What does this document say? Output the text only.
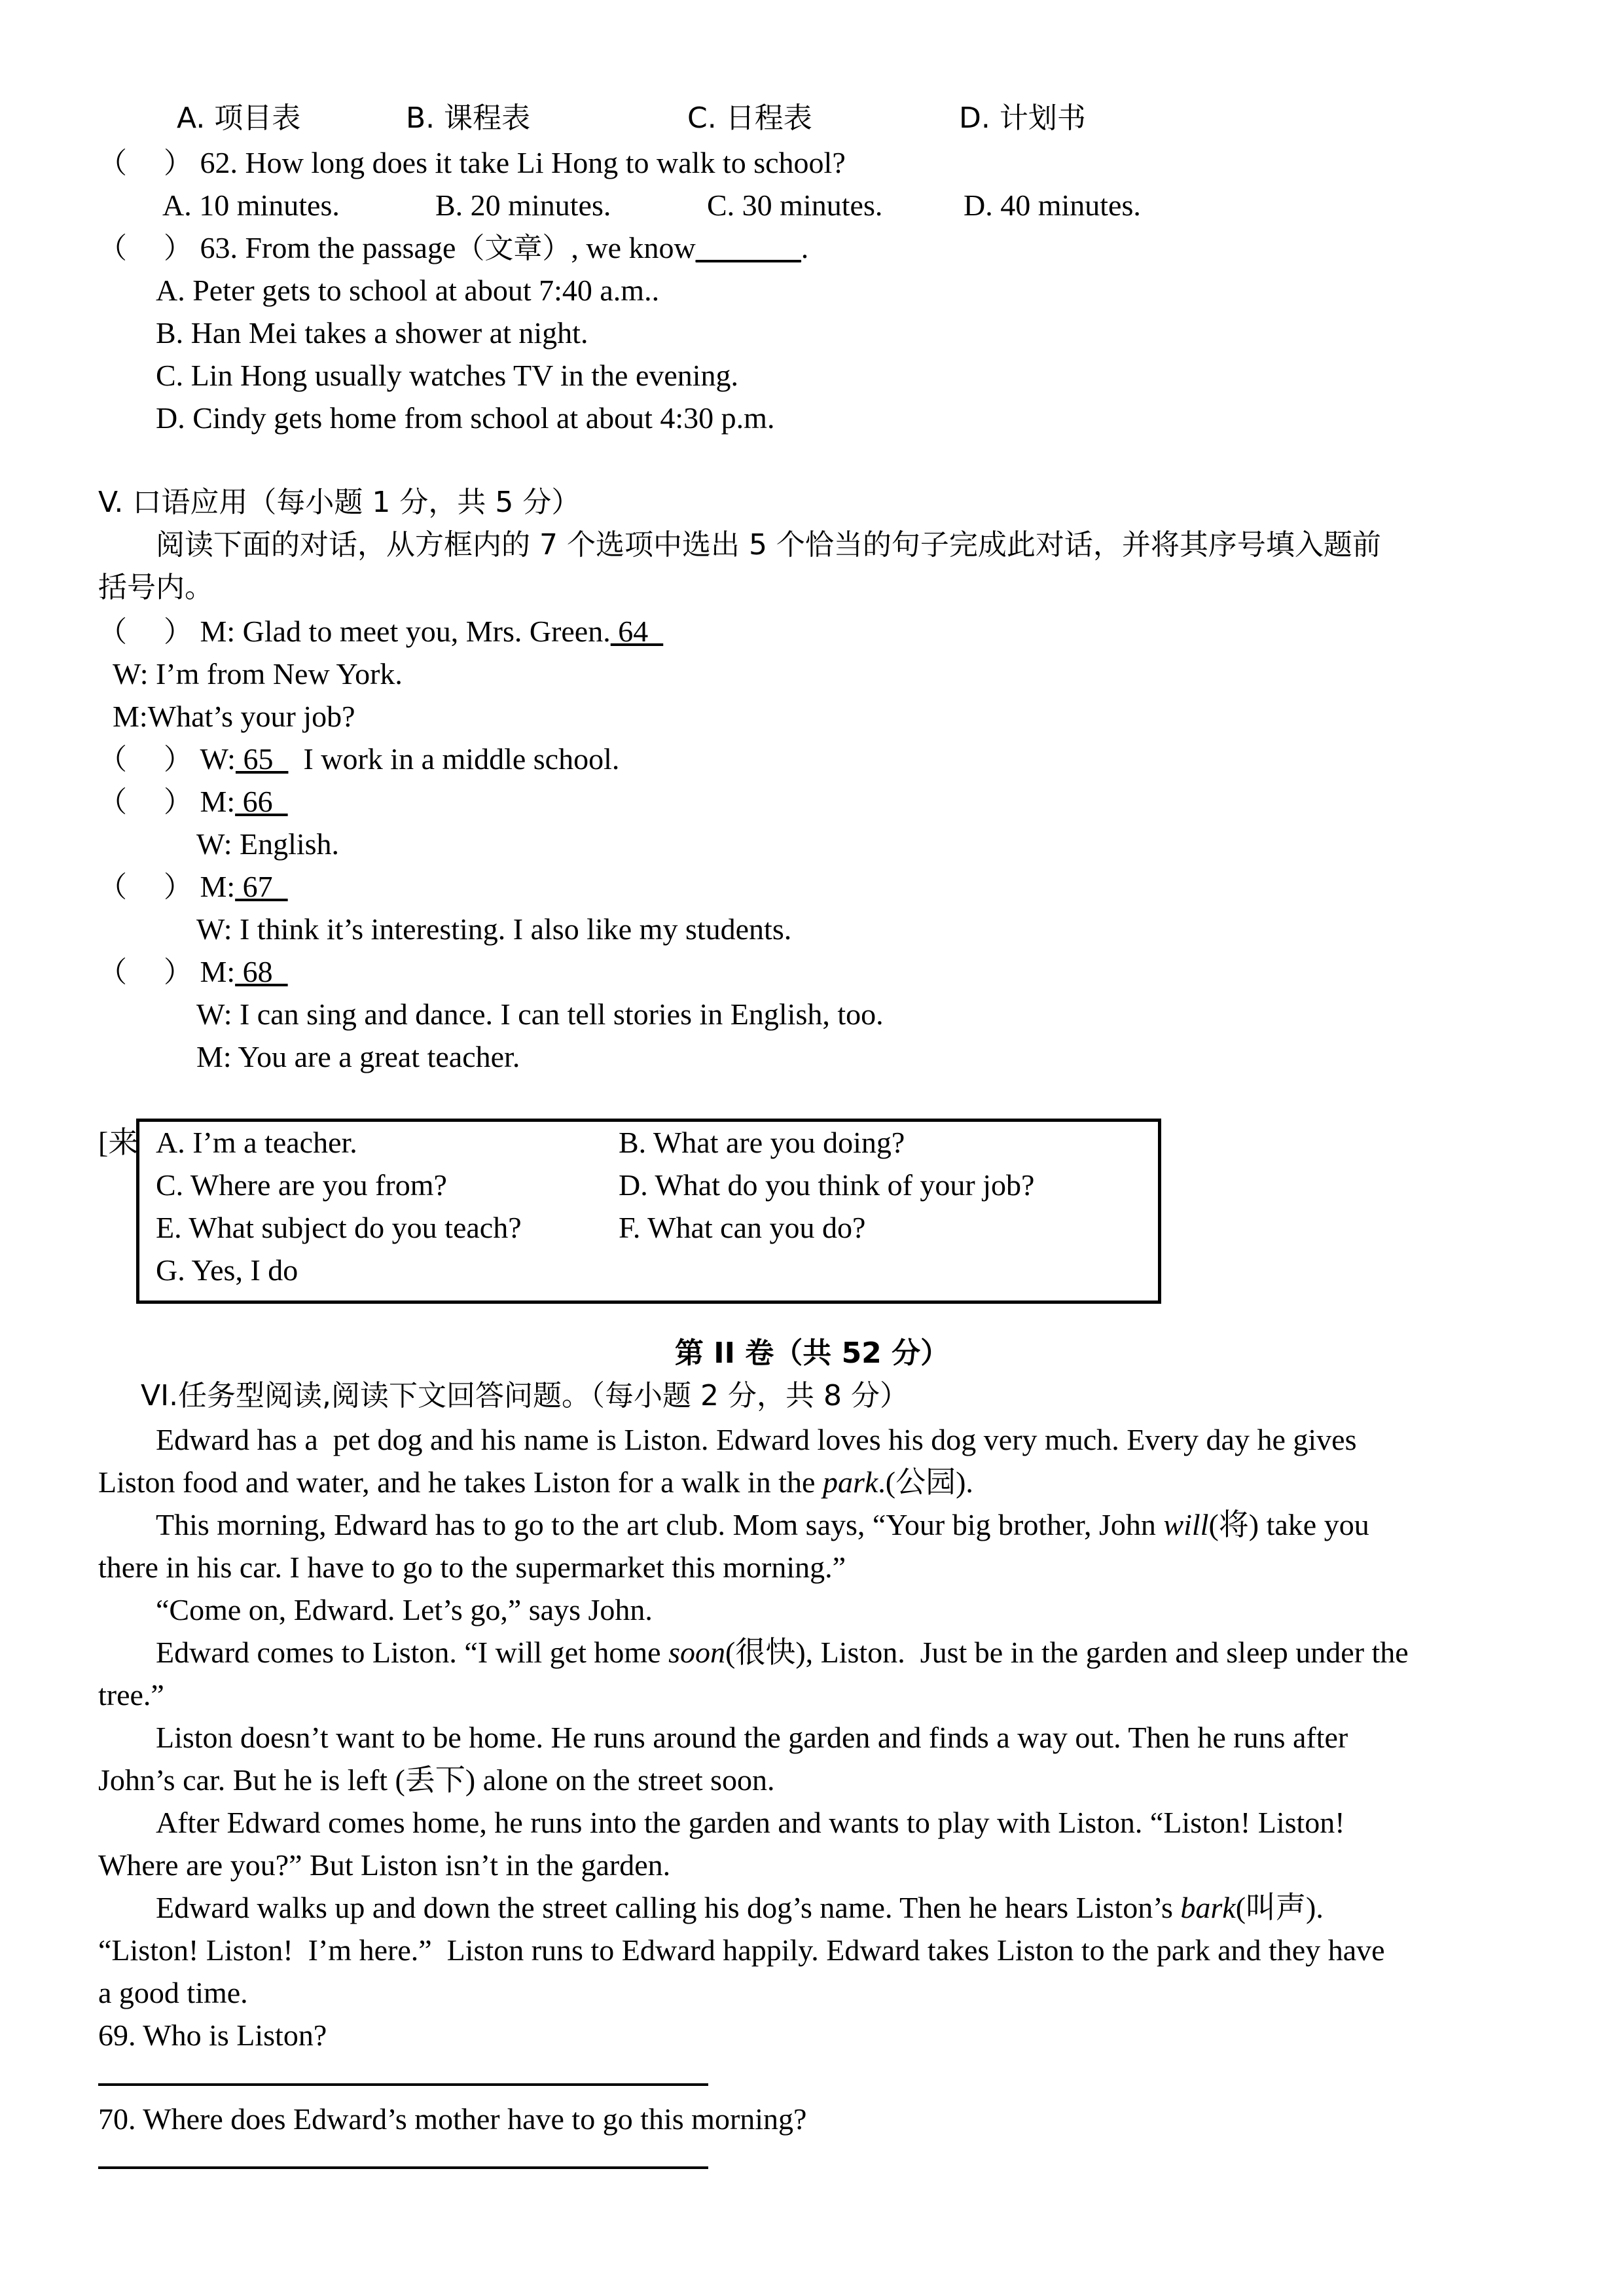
A. 项目表	B. 课程表	C. 日程表	D. 计划书
（    ） 62. How long does it take Li Hong to walk to school?
A. 10 minutes.	B. 20 minutes.	C. 30 minutes.	D. 40 minutes.
（    ） 63. From the passage（文章）, we know_______.
A. Peter gets to school at about 7:40 a.m..
B. Han Mei takes a shower at night.
C. Lin Hong usually watches TV in the evening.
D. Cindy gets home from school at about 4:30 p.m.
V. 口语应用（每小题 1 分，共 5 分）
阅读下面的对话，从方框内的 7 个选项中选出 5 个恰当的句子完成此对话，并将其序号填入题前
括号内。
（    ） M: Glad to meet you, Mrs. Green. 64
W: I’m from New York.
M:What’s your job?
（    ） W: 65    I work in a middle school.
（    ） M: 66
W: English.
（    ） M: 67
W: I think it’s interesting. I also like my students.
（    ） M: 68
W: I can sing and dance. I can tell stories in English, too.
M: You are a great teacher.
[来 A. I’m a teacher.	B. What are you doing?
C. Where are you from?	D. What do you think of your job?
E. What subject do you teach?	F. What can you do?
G. Yes, I do
第 II 卷（共 52 分）
VI.任务型阅读,阅读下文回答问题。（每小题 2 分，共 8 分）
Edward has a  pet dog and his name is Liston. Edward loves his dog very much. Every day he gives
Liston food and water, and he takes Liston for a walk in the park.(公园).
This morning, Edward has to go to the art club. Mom says, “Your big brother, John will(将) take you
there in his car. I have to go to the supermarket this morning.”
“Come on, Edward. Let’s go,” says John.
Edward comes to Liston. “I will get home soon(很快), Liston.  Just be in the garden and sleep under the
tree.”
Liston doesn’t want to be home. He runs around the garden and finds a way out. Then he runs after
John’s car. But he is left (丢下) alone on the street soon.
After Edward comes home, he runs into the garden and wants to play with Liston. “Liston! Liston!
Where are you?” But Liston isn’t in the garden.
Edward walks up and down the street calling his dog’s name. Then he hears Liston’s bark(叫声).
“Liston! Liston!  I’m here.”  Liston runs to Edward happily. Edward takes Liston to the park and they have
a good time.
69. Who is Liston?
70. Where does Edward’s mother have to go this morning?
